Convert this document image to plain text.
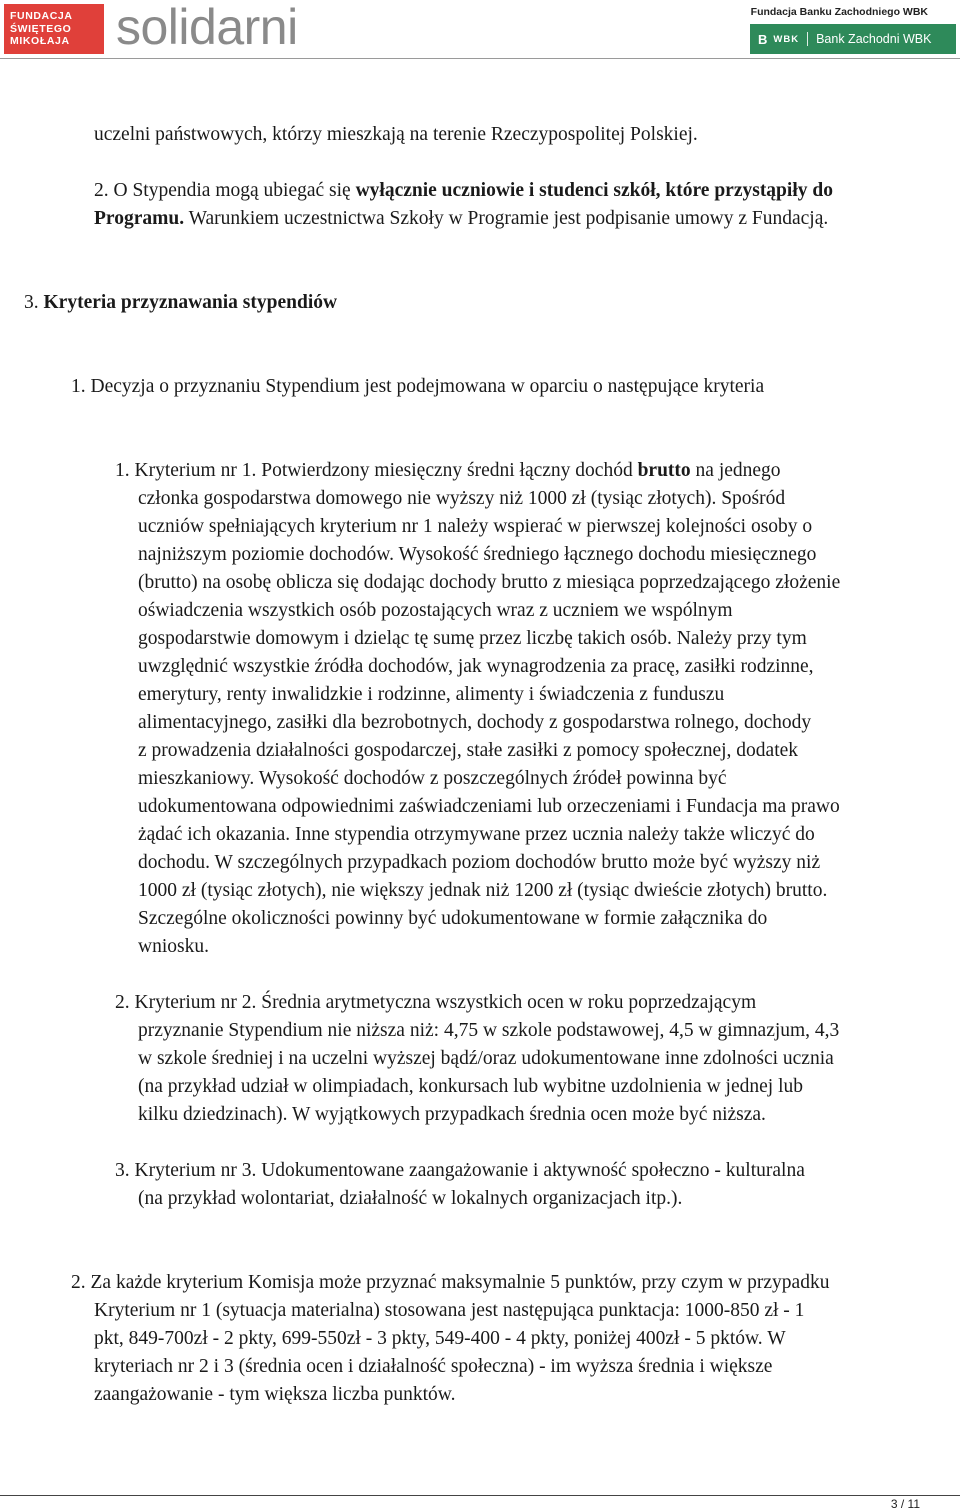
FUNDACJA
ŚWIĘTEGO
MIKOŁAJA solidarni	Fundacja Banku Zachodniego WBK
B WBK Bank Zachodni WBK

uczelni państwowych, którzy mieszkają na terenie Rzeczypospolitej Polskiej.

2. O Stypendia mogą ubiegać się wyłącznie uczniowie i studenci szkół, które przystąpiły do

Programu. Warunkiem uczestnictwa Szkoły w Programie jest podpisanie umowy z Fundacją.

3. Kryteria przyznawania stypendiów

1. Decyzja o przyznaniu Stypendium jest podejmowana w oparciu o następujące kryteria

1. Kryterium nr 1. Potwierdzony miesięczny średni łączny dochód brutto na jednego

członka gospodarstwa domowego nie wyższy niż 1000 zł (tysiąc złotych). Spośród

uczniów spełniających kryterium nr 1 należy wspierać w pierwszej kolejności osoby o

najniższym poziomie dochodów. Wysokość średniego łącznego dochodu miesięcznego

(brutto) na osobę oblicza się dodając dochody brutto z miesiąca poprzedzającego złożenie

oświadczenia wszystkich osób pozostających wraz z uczniem we wspólnym

gospodarstwie domowym i dzieląc tę sumę przez liczbę takich osób. Należy przy tym

uwzględnić wszystkie źródła dochodów, jak wynagrodzenia za pracę, zasiłki rodzinne,

emerytury, renty inwalidzkie i rodzinne, alimenty i świadczenia z funduszu

alimentacyjnego, zasiłki dla bezrobotnych, dochody z gospodarstwa rolnego, dochody

z prowadzenia działalności gospodarczej, stałe zasiłki z pomocy społecznej, dodatek

mieszkaniowy. Wysokość dochodów z poszczególnych źródeł powinna być

udokumentowana odpowiednimi zaświadczeniami lub orzeczeniami i Fundacja ma prawo

żądać ich okazania. Inne stypendia otrzymywane przez ucznia należy także wliczyć do

dochodu. W szczególnych przypadkach poziom dochodów brutto może być wyższy niż

1000 zł (tysiąc złotych), nie większy jednak niż 1200 zł (tysiąc dwieście złotych) brutto.

Szczególne okoliczności powinny być udokumentowane w formie załącznika do

wniosku.

2. Kryterium nr 2. Średnia arytmetyczna wszystkich ocen w roku poprzedzającym

przyznanie Stypendium nie niższa niż: 4,75 w szkole podstawowej, 4,5 w gimnazjum, 4,3

w szkole średniej i na uczelni wyższej bądź/oraz udokumentowane inne zdolności ucznia

(na przykład udział w olimpiadach, konkursach lub wybitne uzdolnienia w jednej lub

kilku dziedzinach). W wyjątkowych przypadkach średnia ocen może być niższa.

3. Kryterium nr 3. Udokumentowane zaangażowanie i aktywność społeczno - kulturalna

(na przykład wolontariat, działalność w lokalnych organizacjach itp.).

2. Za każde kryterium Komisja może przyznać maksymalnie 5 punktów, przy czym w przypadku

Kryterium nr 1 (sytuacja materialna) stosowana jest następująca punktacja: 1000-850 zł - 1

pkt, 849-700zł - 2 pkty, 699-550zł - 3 pkty, 549-400 - 4 pkty, poniżej 400zł - 5 pktów. W

kryteriach nr 2 i 3 (średnia ocen i działalność społeczna) - im wyższa średnia i większe

zaangażowanie - tym większa liczba punktów.

3 / 11
